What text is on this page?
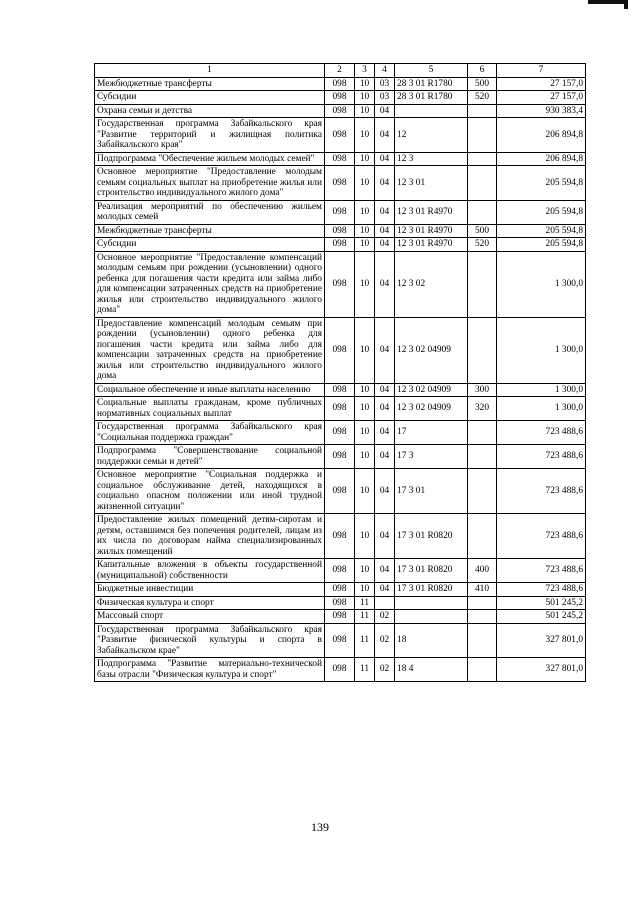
1	2	3	4	5	6	7
Межбюджетные трансферты	098	10	03	28 3 01 R1780	500	27 157,0
Субсидии	098	10	03	28 3 01 R1780	520	27 157,0
Охрана семьи и детства	098	10	04			930 383,4
Государственная программа Забайкальского края "Развитие территорий и жилищная политика Забайкальского края"	098	10	04	12		206 894,8
Подпрограмма "Обеспечение жильем молодых семей"	098	10	04	12 3		206 894,8
Основное мероприятие "Предоставление молодым семьям социальных выплат на приобретение жилья или строительство индивидуального жилого дома"	098	10	04	12 3 01		205 594,8
Реализация мероприятий по обеспечению жильем молодых семей	098	10	04	12 3 01 R4970		205 594,8
Межбюджетные трансферты	098	10	04	12 3 01 R4970	500	205 594,8
Субсидии	098	10	04	12 3 01 R4970	520	205 594,8
Основное мероприятие "Предоставление компенсаций молодым семьям при рождении (усыновлении) одного ребенка для погашения части кредита или займа либо для компенсации затраченных средств на приобретение жилья или строительство индивидуального жилого дома"	098	10	04	12 3 02		1 300,0
Предоставление компенсаций молодым семьям при рождении (усыновлении) одного ребенка для погашения части кредита или займа либо для компенсации затраченных средств на приобретение жилья или строительство индивидуального жилого дома	098	10	04	12 3 02 04909		1 300,0
Социальное обеспечение и иные выплаты населению	098	10	04	12 3 02 04909	300	1 300,0
Социальные выплаты гражданам, кроме публичных нормативных социальных выплат	098	10	04	12 3 02 04909	320	1 300,0
Государственная программа Забайкальского края "Социальная поддержка граждан"	098	10	04	17		723 488,6
Подпрограмма "Совершенствование социальной поддержки семьи и детей"	098	10	04	17 3		723 488,6
Основное мероприятие "Социальная поддержка и социальное обслуживание детей, находящихся в социально опасном положении или иной трудной жизненной ситуации"	098	10	04	17 3 01		723 488,6
Предоставление жилых помещений детям-сиротам и детям, оставшимся без попечения родителей, лицам из их числа по договорам найма специализированных жилых помещений	098	10	04	17 3 01 R0820		723 488,6
Капитальные вложения в объекты государственной (муниципальной) собственности	098	10	04	17 3 01 R0820	400	723 488,6
Бюджетные инвестиции	098	10	04	17 3 01 R0820	410	723 488,6
Физическая культура и спорт	098	11				501 245,2
Массовый спорт	098	11	02			501 245,2
Государственная программа Забайкальского края "Развитие физической культуры и спорта в Забайкальском крае"	098	11	02	18		327 801,0
Подпрограмма "Развитие материально-технической базы отрасли "Физическая культура и спорт"	098	11	02	18 4		327 801,0
139
